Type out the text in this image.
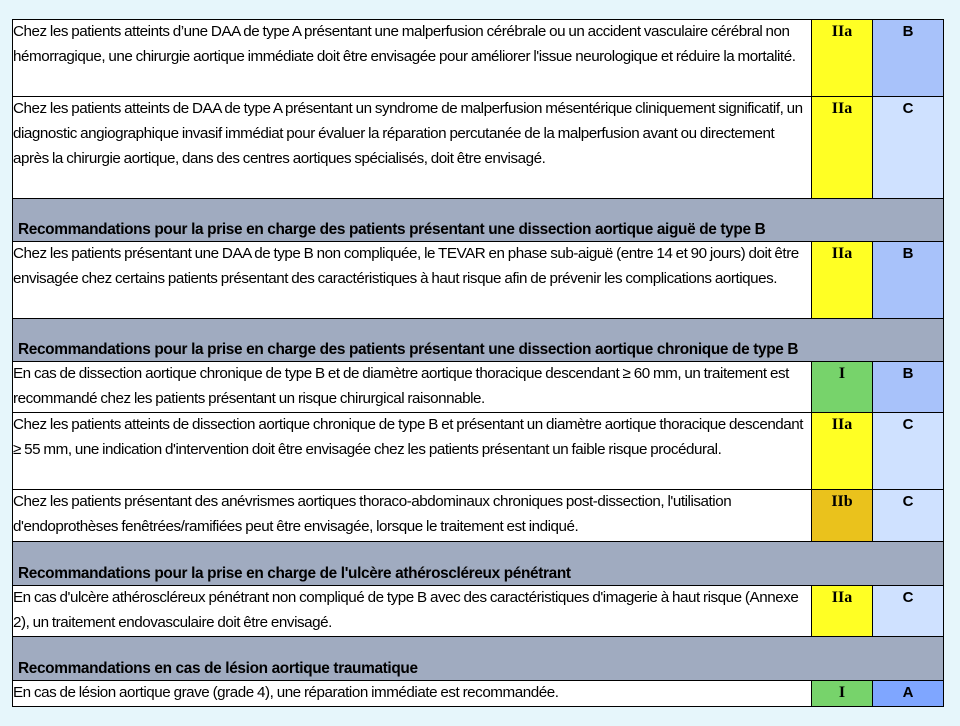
Chez les patients atteints d’une DAA de type A présentant une malperfusion cérébrale ou un accident vasculaire cérébral non hémorragique, une chirurgie aortique immédiate doit être envisagée pour améliorer l'issue neurologique et réduire la mortalité.	IIa	B
Chez les patients atteints de DAA de type A présentant un syndrome de malperfusion mésentérique cliniquement significatif, un diagnostic angiographique invasif immédiat pour évaluer la réparation percutanée de la malperfusion avant ou directement après la chirurgie aortique, dans des centres aortiques spécialisés, doit être envisagé.	IIa	C
Recommandations pour la prise en charge des patients présentant une dissection aortique aiguë de type B		
Chez les patients présentant une DAA de type B non compliquée, le TEVAR en phase sub-aiguë (entre 14 et 90 jours) doit être envisagée chez certains patients présentant des caractéristiques à haut risque afin de prévenir les complications aortiques.	IIa	B
Recommandations pour la prise en charge des patients présentant une dissection aortique chronique de type B		
En cas de dissection aortique chronique de type B et de diamètre aortique thoracique descendant ≥ 60 mm, un traitement est recommandé chez les patients présentant un risque chirurgical raisonnable.	I	B
Chez les patients atteints de dissection aortique chronique de type B et présentant un diamètre aortique thoracique descendant ≥ 55 mm, une indication d'intervention doit être envisagée chez les patients présentant un faible risque procédural.	IIa	C
Chez les patients présentant des anévrismes aortiques thoraco-abdominaux chroniques post-dissection, l'utilisation d'endoprothèses fenêtrées/ramifiées peut être envisagée, lorsque le traitement est indiqué.	IIb	C
Recommandations pour la prise en charge de l'ulcère athéroscléreux pénétrant		
En cas d'ulcère athéroscléreux pénétrant non compliqué de type B avec des caractéristiques d'imagerie à haut risque (Annexe 2), un traitement endovasculaire doit être envisagé.	IIa	C
Recommandations en cas de lésion aortique traumatique		
En cas de lésion aortique grave (grade 4), une réparation immédiate est recommandée.	I	A
